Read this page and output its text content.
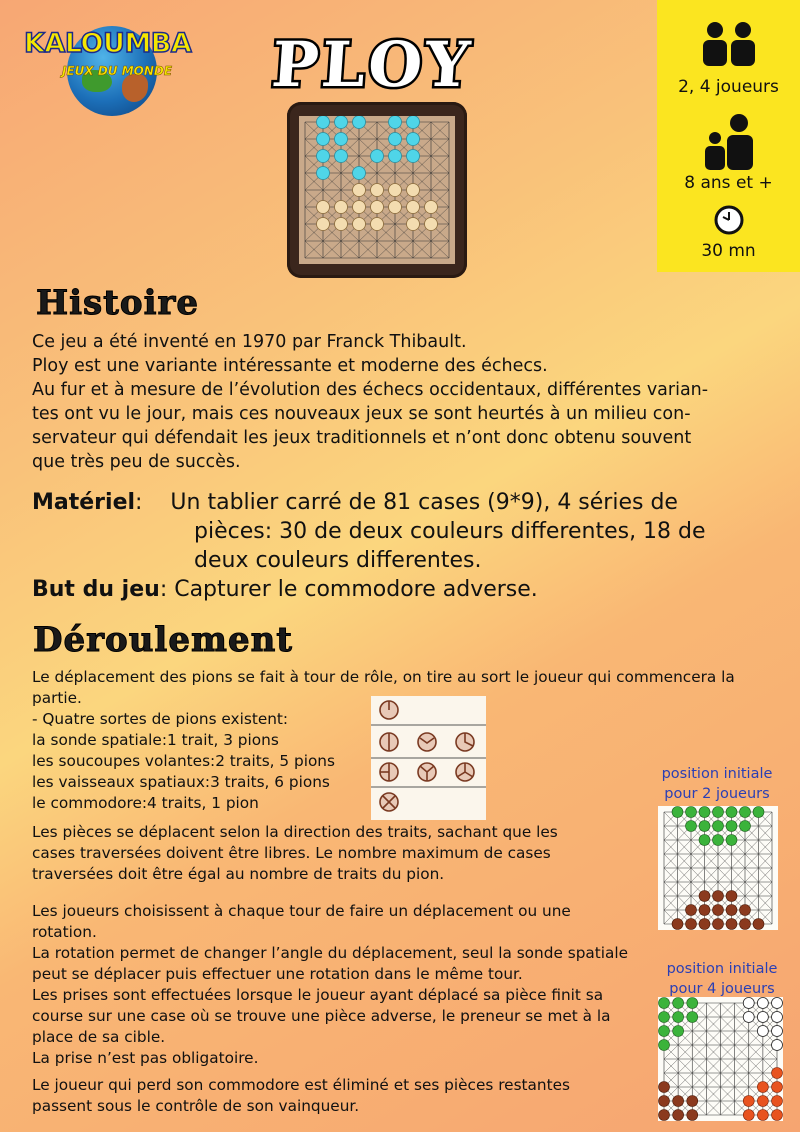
KALOUMBA
JEUX DU MONDE PLOY	2, 4 joueurs
8 ans et +
30 mn
Histoire

Ce jeu a été inventé en 1970 par Franck Thibault.

Ploy est une variante intéressante et moderne des échecs.

Au fur et à mesure de l’évolution des échecs occidentaux, différentes varian-

tes ont vu le jour, mais ces nouveaux jeux se sont heurtés à un milieu con-

servateur qui défendait les jeux traditionnels et n’ont donc obtenu souvent

que très peu de succès.

Matériel:    Un tablier carré de 81 cases (9*9), 4 séries de
pièces: 30 de deux couleurs differentes, 18 de
deux couleurs differentes.
But du jeu: Capturer le commodore adverse.
Déroulement

Le déplacement des pions se fait à tour de rôle, on tire au sort le joueur qui commencera la

partie.

- Quatre sortes de pions existent:

la sonde spatiale:1 trait, 3 pions

les soucoupes volantes:2 traits, 5 pions

les vaisseaux spatiaux:3 traits, 6 pions

le commodore:4 traits, 1 pion

Les pièces se déplacent selon la direction des traits, sachant que les

cases traversées doivent être libres. Le nombre maximum de cases

traversées doit être égal au nombre de traits du pion.

Les joueurs choisissent à chaque tour de faire un déplacement ou une

rotation.

La rotation permet de changer l’angle du déplacement, seul la sonde spatiale

peut se déplacer puis effectuer une rotation dans le même tour.

Les prises sont effectuées lorsque le joueur ayant déplacé sa pièce finit sa

course sur une case où se trouve une pièce adverse, le preneur se met à la

place de sa cible.

La prise n’est pas obligatoire.

Le joueur qui perd son commodore est éliminé et ses pièces restantes

passent sous le contrôle de son vainqueur.

position initiale
pour 2 joueurs
position initiale
pour 4 joueurs
